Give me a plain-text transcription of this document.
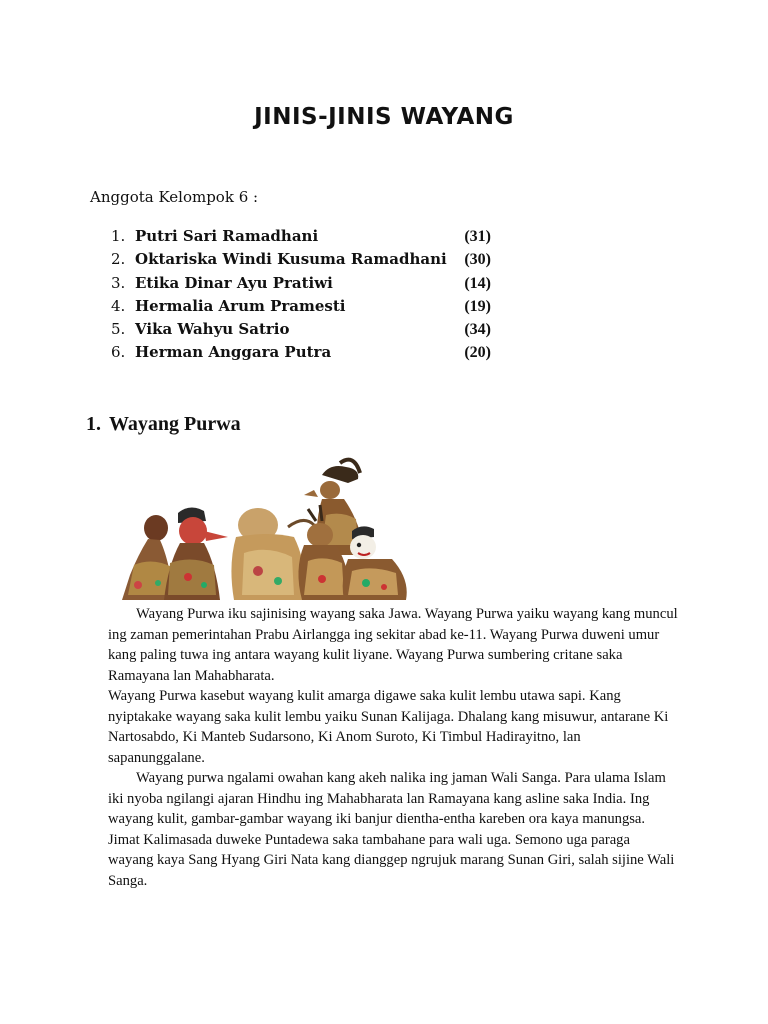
JINIS-JINIS WAYANG
Anggota Kelompok 6 :
1. Putri Sari Ramadhani	(31)
2. Oktariska Windi Kusuma Ramadhani	(30)
3. Etika Dinar Ayu Pratiwi	(14)
4. Hermalia Arum Pramesti	(19)
5. Vika Wahyu Satrio	(34)
6. Herman Anggara Putra	(20)
1. Wayang Purwa

Wayang Purwa iku sajinising wayang saka Jawa. Wayang Purwa yaiku wayang kang muncul ing zaman pemerintahan Prabu Airlangga ing sekitar abad ke-11. Wayang Purwa duweni umur kang paling tuwa ing antara wayang kulit liyane. Wayang Purwa sumbering critane saka Ramayana lan Mahabharata.

Wayang Purwa kasebut wayang kulit amarga digawe saka kulit lembu utawa sapi. Kang nyiptakake wayang saka kulit lembu yaiku Sunan Kalijaga. Dhalang kang misuwur, antarane Ki Nartosabdo, Ki Manteb Sudarsono, Ki Anom Suroto, Ki Timbul Hadirayitno, lan sapanunggalane.

Wayang purwa ngalami owahan kang akeh nalika ing jaman Wali Sanga. Para ulama Islam iki nyoba ngilangi ajaran Hindhu ing Mahabharata lan Ramayana kang asline saka India. Ing wayang kulit, gambar-gambar wayang iki banjur dientha-entha kareben ora kaya manungsa. Jimat Kalimasada duweke Puntadewa saka tambahane para wali uga. Semono uga paraga wayang kaya Sang Hyang Giri Nata kang dianggep ngrujuk marang Sunan Giri, salah sijine Wali Sanga.
